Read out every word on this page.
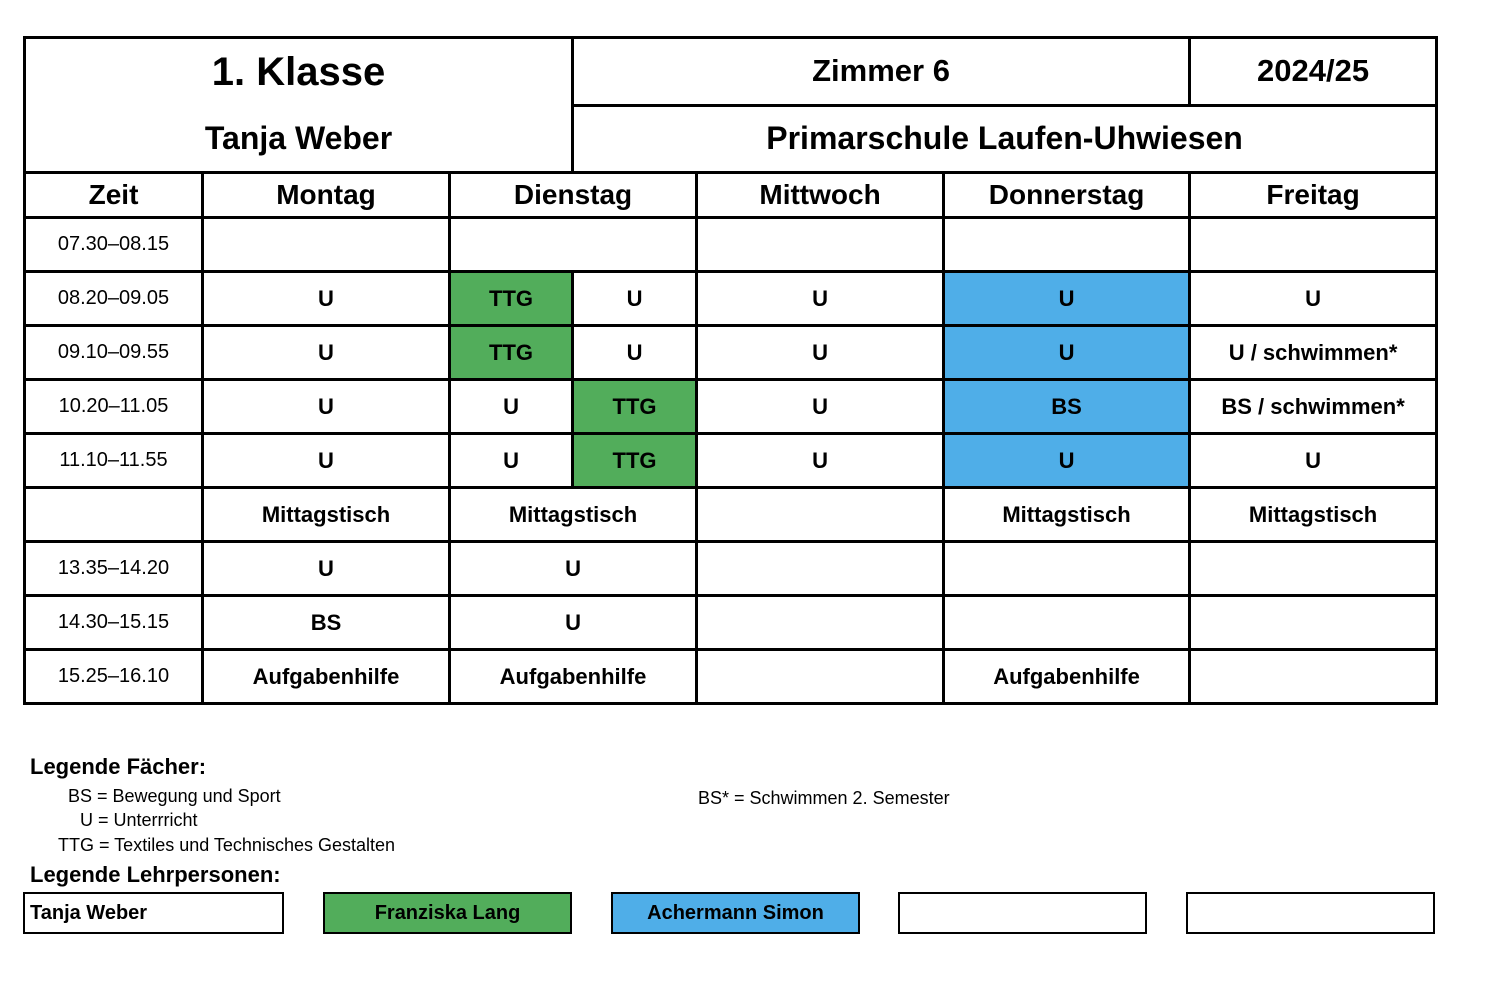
1. Klasse			Zimmer 6			2024/25
Tanja Weber			Primarschule Laufen-Uhwiesen			
Zeit	Montag	Dienstag		Mittwoch	Donnerstag	Freitag
07.30–08.15						
08.20–09.05	U	TTG	U	U	U	U
09.10–09.55	U	TTG	U	U	U	U / schwimmen*
10.20–11.05	U	U	TTG	U	BS	BS / schwimmen*
11.10–11.55	U	U	TTG	U	U	U
	Mittagstisch	Mittagstisch			Mittagstisch	Mittagstisch
13.35–14.20	U	U				
14.30–15.15	BS	U				
15.25–16.10	Aufgabenhilfe	Aufgabenhilfe			Aufgabenhilfe	
Legende Fächer:
BS = Bewegung und Sport
U = Unterrricht
TTG = Textiles und Technisches Gestalten
BS* = Schwimmen 2. Semester
Legende Lehrpersonen:
Tanja Weber	Franziska Lang	Achermann Simon
